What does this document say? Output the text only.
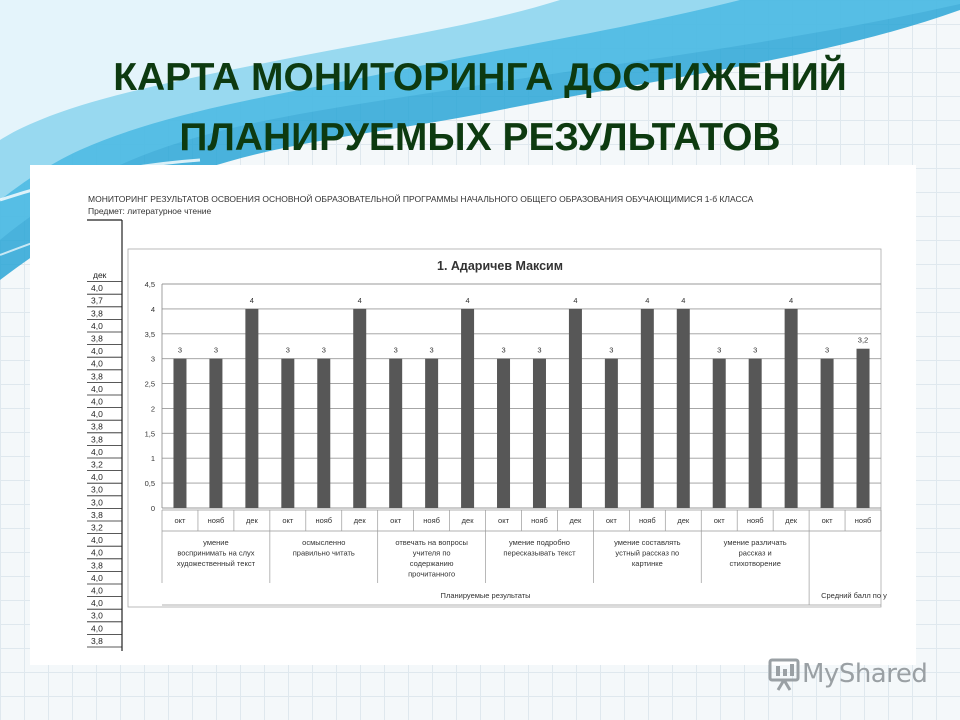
КАРТА МОНИТОРИНГА ДОСТИЖЕНИЙ
ПЛАНИРУЕМЫХ РЕЗУЛЬТАТОВ
МОНИТОРИНГ РЕЗУЛЬТАТОВ ОСВОЕНИЯ ОСНОВНОЙ ОБРАЗОВАТЕЛЬНОЙ ПРОГРАММЫ НАЧАЛЬНОГО ОБЩЕГО ОБРАЗОВАНИЯ ОБУЧАЮЩИМИСЯ 1-б КЛАССА
Предмет: литературное чтение
дек
4,0
3,7
3,8
4,0
3,8
4,0
4,0
3,8
4,0
4,0
4,0
3,8
3,8
4,0
3,2
4,0
3,0
3,0
3,8
3,2
4,0
4,0
3,8
4,0
4,0
4,0
3,0
4,0
3,8
1. Адаричев Максим
0
0,5
1
1,5
2
2,5
3
3,5
4
4,5
3
окт
3
нояб
4
дек
3
окт
3
нояб
4
дек
3
окт
3
нояб
4
дек
3
окт
3
нояб
4
дек
3
окт
4
нояб
4
дек
3
окт
3
нояб
4
дек
3
окт
3,2
нояб
умение
воспринимать на слух
художественный текст
осмысленно
правильно читать
отвечать на вопросы
учителя по
содержанию
прочитанного
умение подробно
пересказывать текст
умение составлять
устный рассказ по
картинке
умение различать
рассказ и
стихотворение
Планируемые результаты	Средний балл по у
MyShared
